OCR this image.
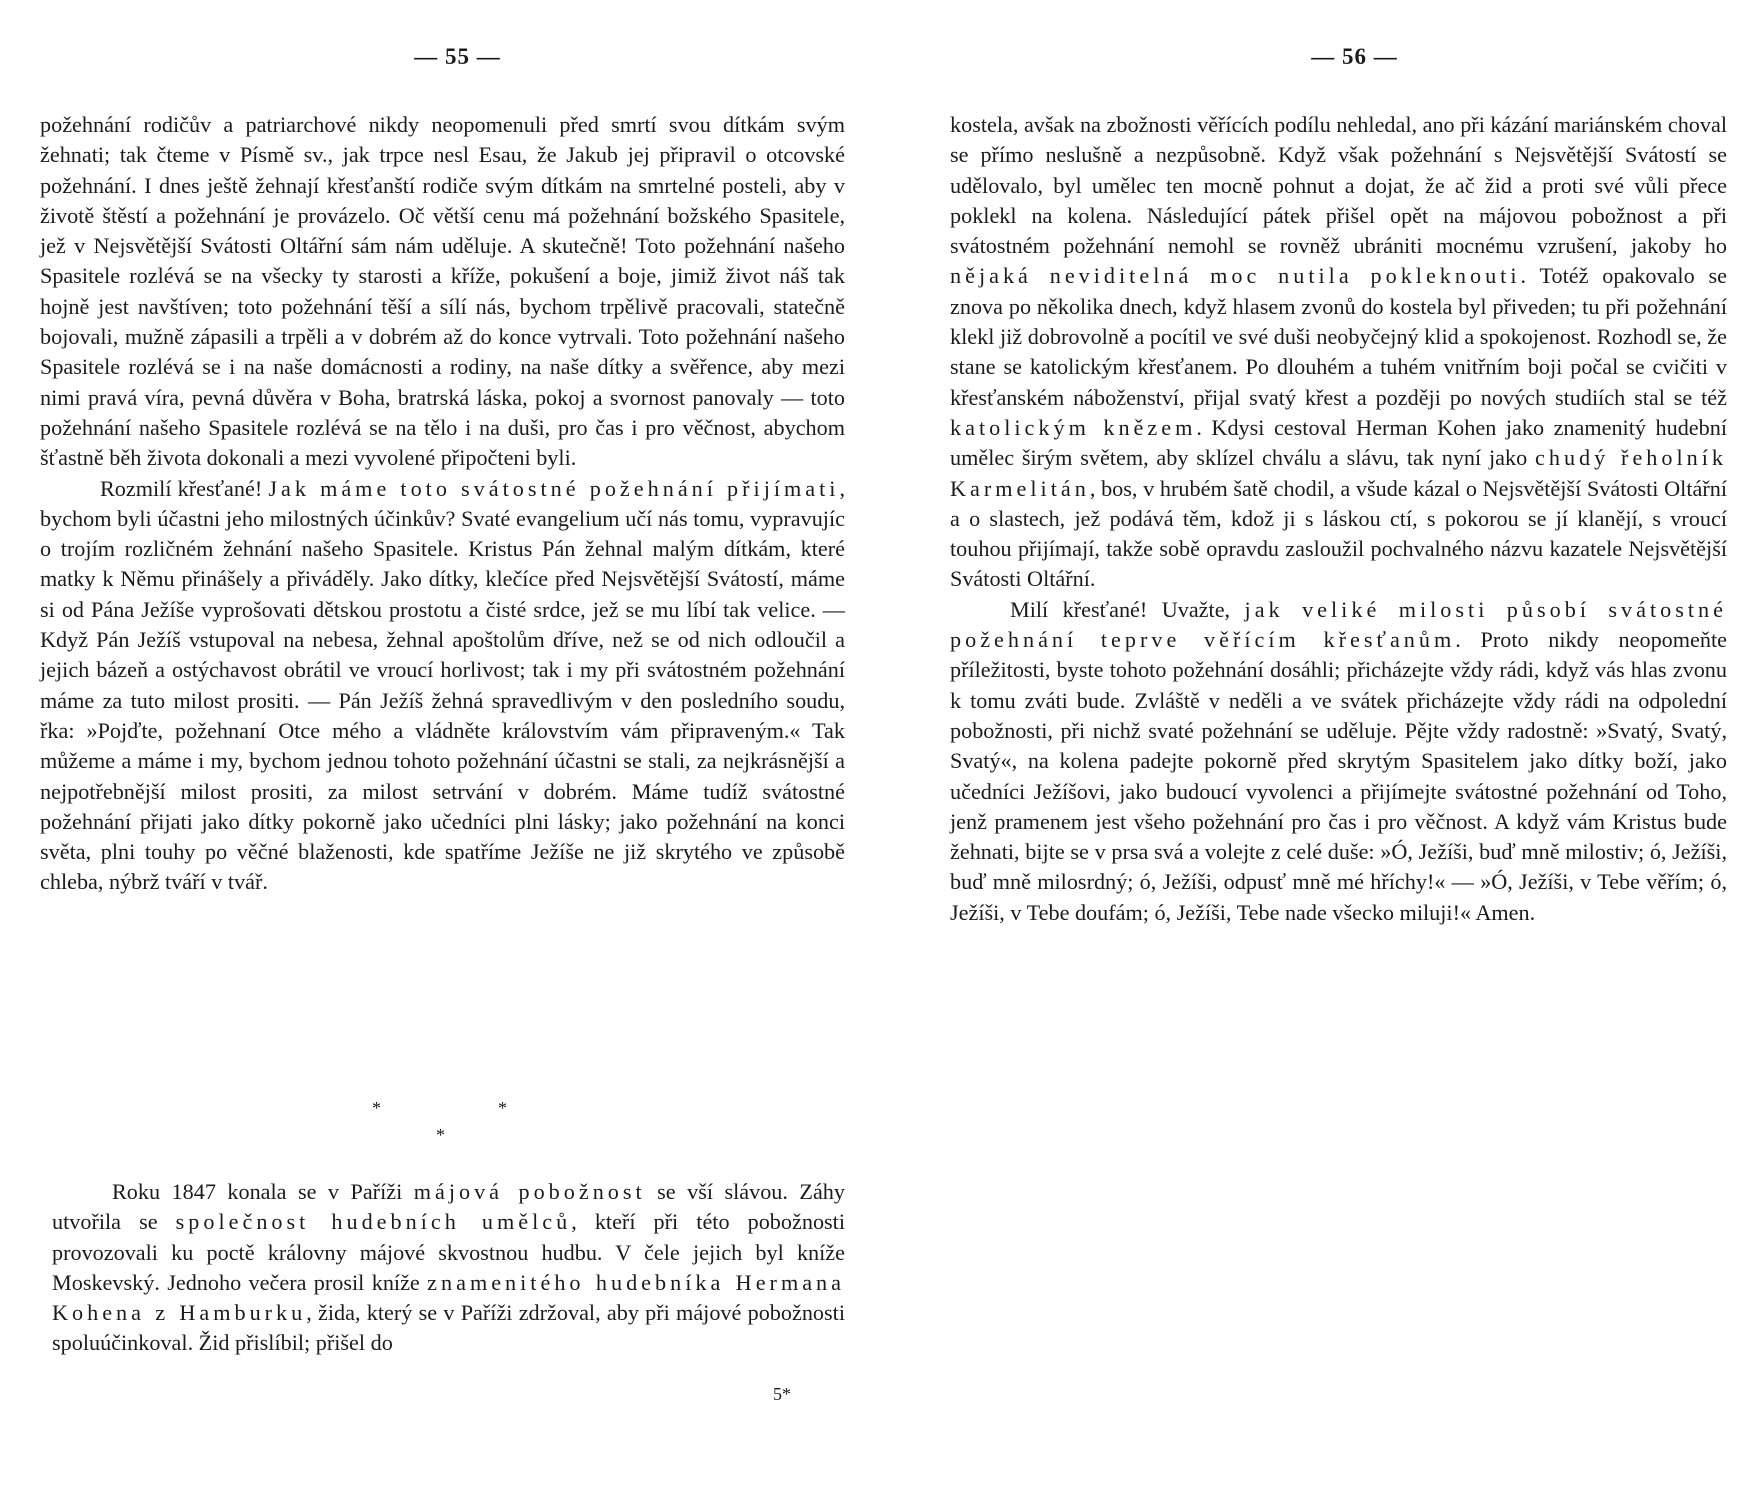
— 55 —

požehnání rodičův a patriarchové nikdy neopomenuli před smrtí svou dítkám svým žehnati; tak čteme v Písmě sv., jak trpce nesl Esau, že Jakub jej připravil o otcovské požehnání. I dnes ještě žehnají křesťanští rodiče svým dítkám na smrtelné posteli, aby v životě štěstí a požehnání je provázelo. Oč větší cenu má požehnání božského Spasitele, jež v Nejsvětější Svátosti Oltářní sám nám uděluje. A skutečně! Toto požehnání našeho Spasitele rozlévá se na všecky ty starosti a kříže, pokušení a boje, jimiž život náš tak hojně jest navštíven; toto požehnání těší a sílí nás, bychom trpělivě pracovali, statečně bojovali, mužně zápasili a trpěli a v dobrém až do konce vytrvali. Toto požehnání našeho Spasitele rozlévá se i na naše domácnosti a rodiny, na naše dítky a svěřence, aby mezi nimi pravá víra, pevná důvěra v Boha, bratrská láska, pokoj a svornost panovaly — toto požehnání našeho Spasitele rozlévá se na tělo i na duši, pro čas i pro věčnost, abychom šťastně běh života dokonali a mezi vyvolené připočteni byli.

Rozmilí křesťané! Jak máme toto svátostné požehnání přijímati, bychom byli účastni jeho milostných účinkův? Svaté evangelium učí nás tomu, vypravujíc o trojím rozličném žehnání našeho Spasitele. Kristus Pán žehnal malým dítkám, které matky k Němu přinášely a přiváděly. Jako dítky, klečíce před Nejsvětější Svátostí, máme si od Pána Ježíše vyprošovati dětskou prostotu a čisté srdce, jež se mu líbí tak velice. — Když Pán Ježíš vstupoval na nebesa, žehnal apoštolům dříve, než se od nich odloučil a jejich bázeň a ostýchavost obrátil ve vroucí horlivost; tak i my při svátostném požehnání máme za tuto milost prositi. — Pán Ježíš žehná spravedlivým v den posledního soudu, řka: »Pojďte, požehnaní Otce mého a vládněte královstvím vám připraveným.« Tak můžeme a máme i my, bychom jednou tohoto požehnání účastni se stali, za nejkrásnější a nejpotřebnější milost prositi, za milost setrvání v dobrém. Máme tudíž svátostné požehnání přijati jako dítky pokorně jako učedníci plni lásky; jako požehnání na konci světa, plni touhy po věčné blaženosti, kde spatříme Ježíše ne již skrytého ve způsobě chleba, nýbrž tváří v tvář.

*	*
*

Roku 1847 konala se v Paříži májová pobožnost se vší slávou. Záhy utvořila se společnost hudebních umělců, kteří při této pobožnosti provozovali ku poctě královny májové skvostnou hudbu. V čele jejich byl kníže Moskevský. Jednoho večera prosil kníže znamenitého hudebníka Hermana Kohena z Hamburku, žida, který se v Paříži zdržoval, aby při májové pobožnosti spoluúčinkoval. Žid přislíbil; přišel do

5*
— 56 —

kostela, avšak na zbožnosti věřících podílu nehledal, ano při kázání mariánském choval se přímo neslušně a nezpůsobně. Když však požehnání s Nejsvětější Svátostí se udělovalo, byl umělec ten mocně pohnut a dojat, že ač žid a proti své vůli přece poklekl na kolena. Následující pátek přišel opět na májovou pobožnost a při svátostném požehnání nemohl se rovněž ubrániti mocnému vzrušení, jakoby ho nějaká neviditelná moc nutila pokleknouti. Totéž opakovalo se znova po několika dnech, když hlasem zvonů do kostela byl přiveden; tu při požehnání klekl již dobrovolně a pocítil ve své duši neobyčejný klid a spokojenost. Rozhodl se, že stane se katolickým křesťanem. Po dlouhém a tuhém vnitřním boji počal se cvičiti v křesťanském náboženství, přijal svatý křest a později po nových studiích stal se též katolickým knězem. Kdysi cestoval Herman Kohen jako znamenitý hudební umělec širým světem, aby sklízel chválu a slávu, tak nyní jako chudý řeholník Karmelitán, bos, v hrubém šatě chodil, a všude kázal o Nejsvětější Svátosti Oltářní a o slastech, jež podává těm, kdož ji s láskou ctí, s pokorou se jí klanějí, s vroucí touhou přijímají, takže sobě opravdu zasloužil pochvalného názvu kazatele Nejsvětější Svátosti Oltářní.

Milí křesťané! Uvažte, jak veliké milosti působí svátostné požehnání teprve věřícím křesťanům. Proto nikdy neopomeňte příležitosti, byste tohoto požehnání dosáhli; přicházejte vždy rádi, když vás hlas zvonu k tomu zváti bude. Zvláště v neděli a ve svátek přicházejte vždy rádi na odpolední pobožnosti, při nichž svaté požehnání se uděluje. Pějte vždy radostně: »Svatý, Svatý, Svatý«, na kolena padejte pokorně před skrytým Spasitelem jako dítky boží, jako učedníci Ježíšovi, jako budoucí vyvolenci a přijímejte svátostné požehnání od Toho, jenž pramenem jest všeho požehnání pro čas i pro věčnost. A když vám Kristus bude žehnati, bijte se v prsa svá a volejte z celé duše: »Ó, Ježíši, buď mně milostiv; ó, Ježíši, buď mně milosrdný; ó, Ježíši, odpusť mně mé hříchy!« — »Ó, Ježíši, v Tebe věřím; ó, Ježíši, v Tebe doufám; ó, Ježíši, Tebe nade všecko miluji!« Amen.
